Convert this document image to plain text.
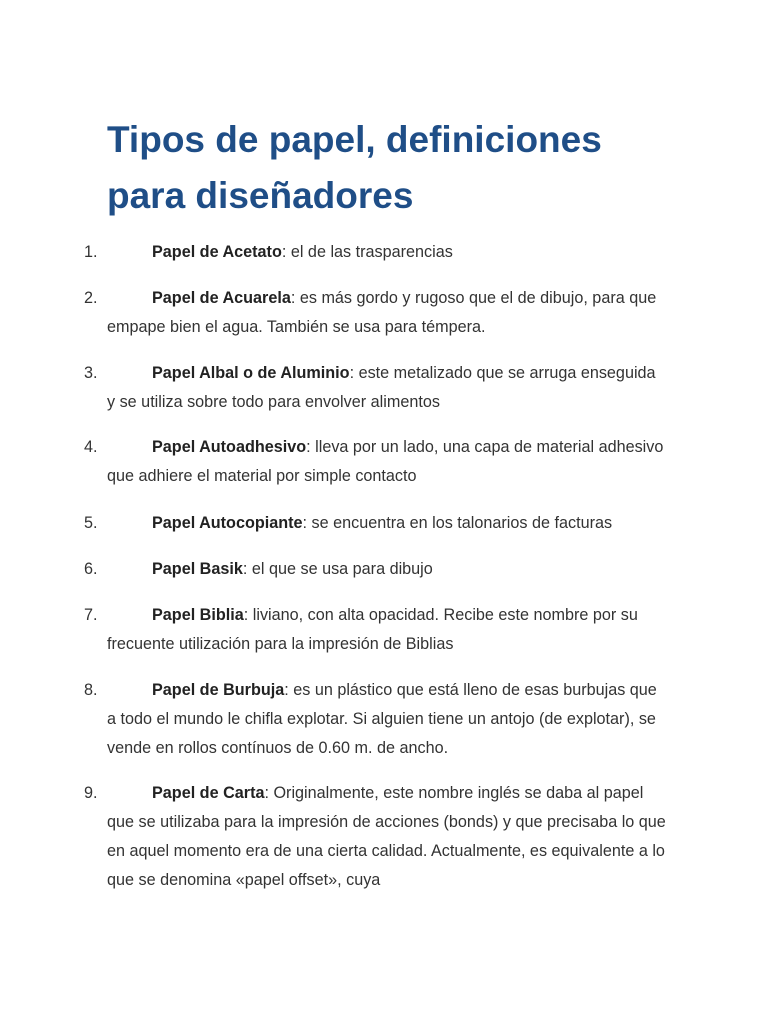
Tipos de papel, definiciones para diseñadores
1.	Papel de Acetato: el de las trasparencias
2.	Papel de Acuarela: es más gordo y rugoso que el de dibujo, para que empape bien el agua. También se usa para témpera.
3.	Papel Albal o de Aluminio: este metalizado que se arruga enseguida y se utiliza sobre todo para envolver alimentos
4.	Papel Autoadhesivo: lleva por un lado, una capa de material adhesivo que adhiere el material por simple contacto
5.	Papel Autocopiante: se encuentra en los talonarios de facturas
6.	Papel Basik: el que se usa para dibujo
7.	Papel Biblia: liviano, con alta opacidad. Recibe este nombre por su frecuente utilización para la impresión de Biblias
8.	Papel de Burbuja: es un plástico que está lleno de esas burbujas que a todo el mundo le chifla explotar. Si alguien tiene un antojo (de explotar), se vende en rollos contínuos de 0.60 m. de ancho.
9.	Papel de Carta: Originalmente, este nombre inglés se daba al papel que se utilizaba para la impresión de acciones (bonds) y que precisaba lo que en aquel momento era de una cierta calidad. Actualmente, es equivalente a lo que se denomina «papel offset», cuya
